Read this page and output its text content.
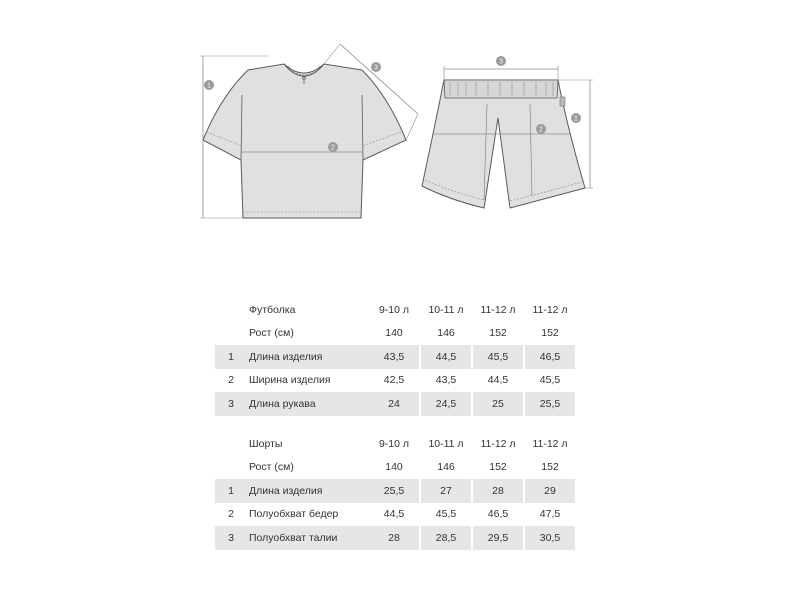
1
2
3
3
2
1
	Футболка	9-10 л		10-11 л		11-12 л		11-12 л
	Рост (см)	140		146		152		152
1	Длина изделия	43,5		44,5		45,5		46,5
2	Ширина изделия	42,5		43,5		44,5		45,5
3	Длина рукава	24		24,5		25		25,5
	Шорты	9-10 л		10-11 л		11-12 л		11-12 л
	Рост (см)	140		146		152		152
1	Длина изделия	25,5		27		28		29
2	Полуобхват бедер	44,5		45,5		46,5		47,5
3	Полуобхват талии	28		28,5		29,5		30,5
